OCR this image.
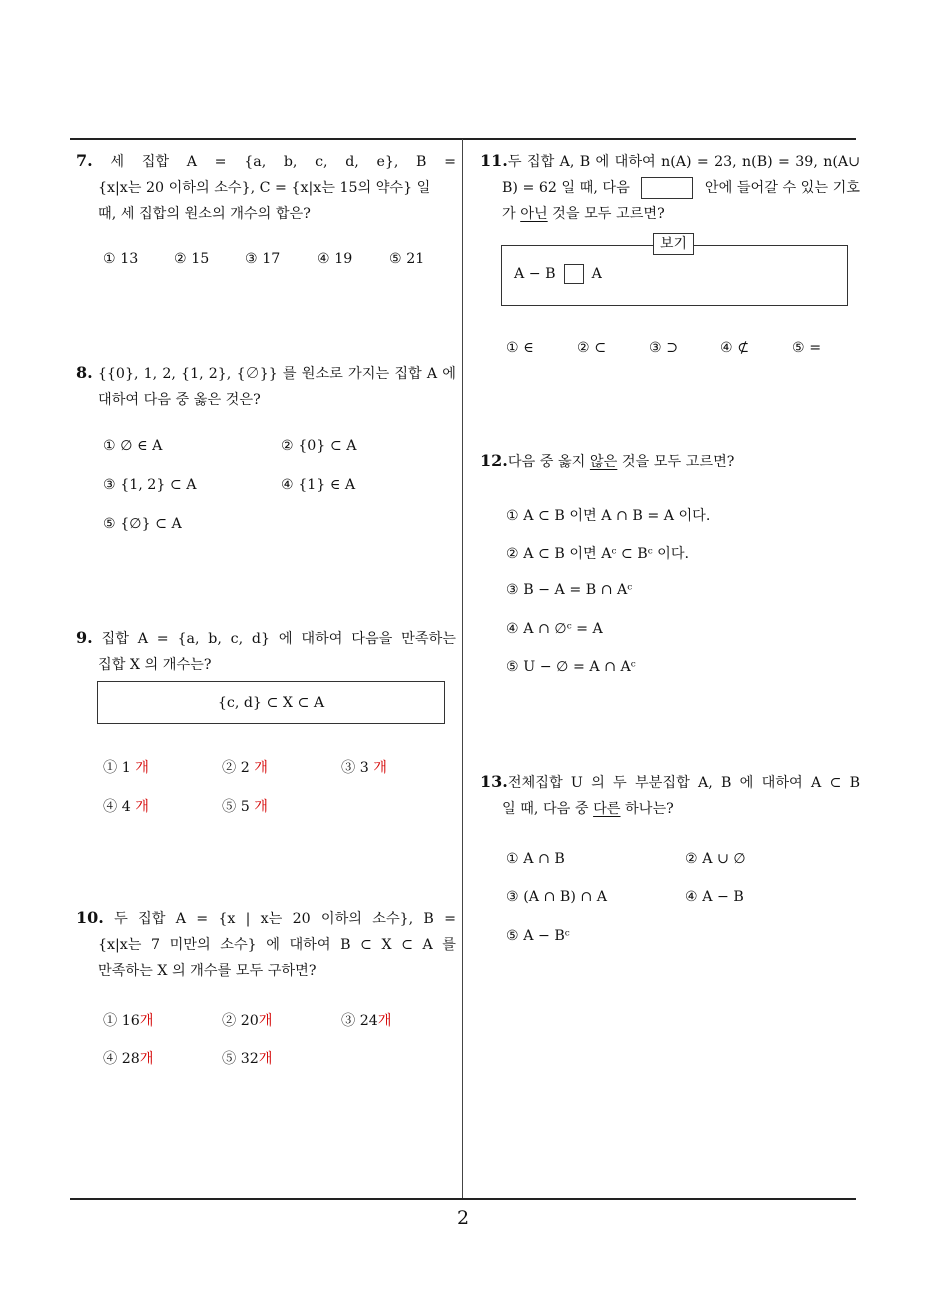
2
7. 세 집합 A = {a, b, c, d, e}, B =
{x|x는 20 이하의 소수}, C = {x|x는 15의 약수} 일
때, 세 집합의 원소의 개수의 합은?
① 13	② 15	③ 17	④ 19	⑤ 21
8. {{0}, 1, 2, {1, 2}, {∅}} 를 원소로 가지는 집합 A 에
대하여 다음 중 옳은 것은?
① ∅ ∈ A	② {0} ⊂ A
③ {1, 2} ⊂ A	④ {1} ∈ A
⑤ {∅} ⊂ A
9. 집합 A = {a, b, c, d} 에 대하여 다음을 만족하는
집합 X 의 개수는?
{c, d} ⊂ X ⊂ A
① 1 개	② 2 개	③ 3 개
④ 4 개	⑤ 5 개
10. 두 집합 A = {x | x는 20 이하의 소수}, B =
{x|x는 7 미만의 소수} 에 대하여 B ⊂ X ⊂ A 를
만족하는 X 의 개수를 모두 구하면?
① 16개	② 20개	③ 24개
④ 28개	⑤ 32개
11.두 집합 A, B 에 대하여 n(A) = 23, n(B) = 39, n(A∪
B) = 62 일 때, 다음	안에 들어갈 수 있는 기호
가 아닌 것을 모두 고르면?
A − B	A
보기
① ∈	② ⊂	③ ⊃	④ ⊄	⑤ =
12.다음 중 옳지 않은 것을 모두 고르면?
① A ⊂ B 이면 A ∩ B = A 이다.
② A ⊂ B 이면 Aᶜ ⊂ Bᶜ 이다.
③ B − A = B ∩ Aᶜ
④ A ∩ ∅ᶜ = A
⑤ U − ∅ = A ∩ Aᶜ
13.전체집합 U 의 두 부분집합 A, B 에 대하여 A ⊂ B
일 때, 다음 중 다른 하나는?
① A ∩ B	② A ∪ ∅
③ (A ∩ B) ∩ A	④ A − B
⑤ A − Bᶜ
